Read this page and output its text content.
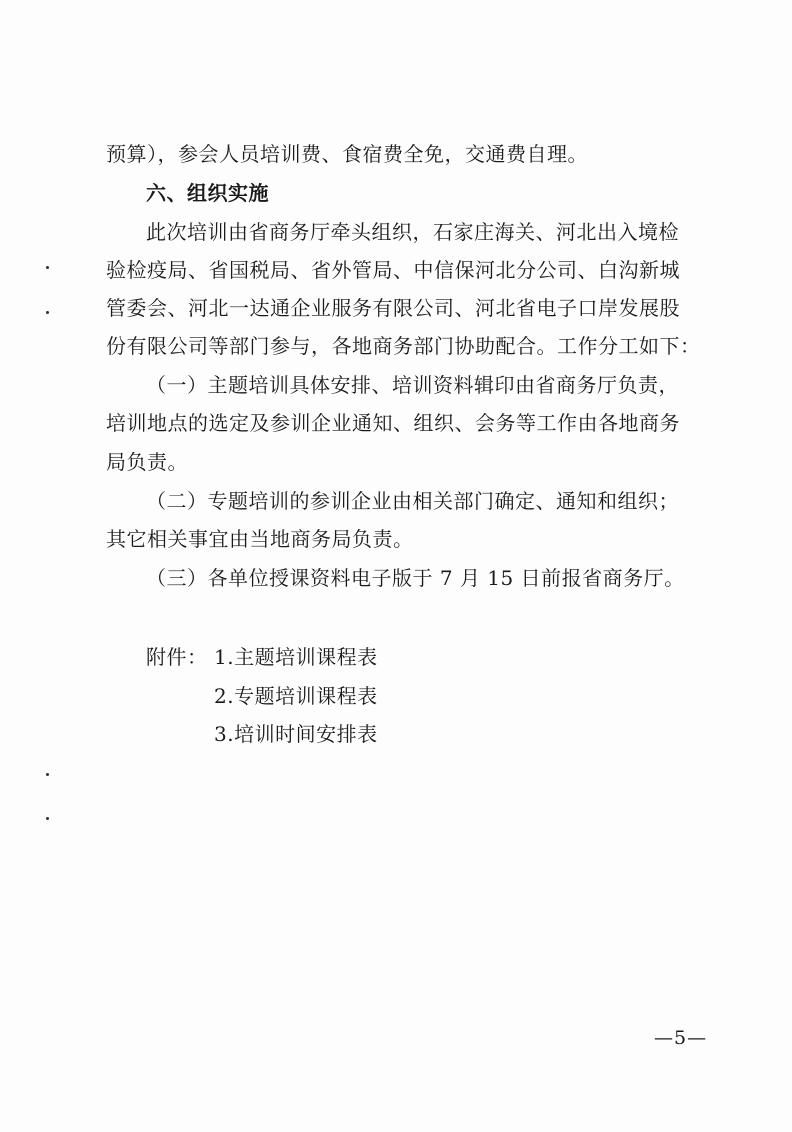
预算），参会人员培训费、食宿费全免，交通费自理。
六、组织实施
此次培训由省商务厅牵头组织，石家庄海关、河北出入境检
验检疫局、省国税局、省外管局、中信保河北分公司、白沟新城
管委会、河北一达通企业服务有限公司、河北省电子口岸发展股
份有限公司等部门参与，各地商务部门协助配合。工作分工如下：
（一）主题培训具体安排、培训资料辑印由省商务厅负责，
培训地点的选定及参训企业通知、组织、会务等工作由各地商务
局负责。
（二）专题培训的参训企业由相关部门确定、通知和组织；
其它相关事宜由当地商务局负责。
（三）各单位授课资料电子版于 7 月 15 日前报省商务厅。
附件： 1.主题培训课程表
2.专题培训课程表
3.培训时间安排表
—5—
